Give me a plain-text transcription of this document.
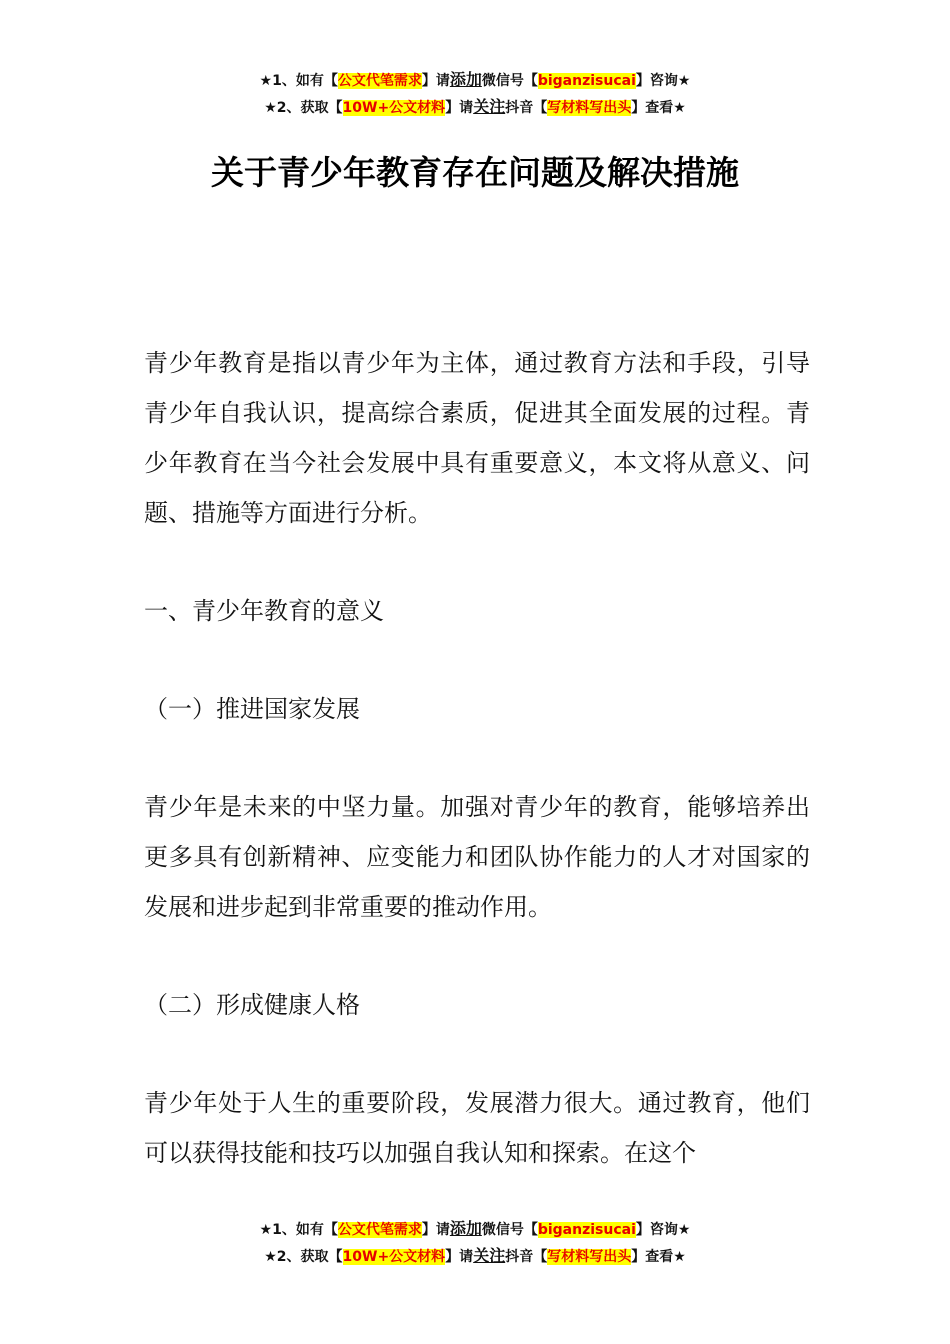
★1、如有【公文代笔需求】请添加微信号【biganzisucai】咨询★
★2、获取【10W+公文材料】请关注抖音【写材料写出头】查看★
关于青少年教育存在问题及解决措施

青少年教育是指以青少年为主体，通过教育方法和手段，引导青少年自我认识，提高综合素质，促进其全面发展的过程。青少年教育在当今社会发展中具有重要意义，本文将从意义、问题、措施等方面进行分析。

一、青少年教育的意义

（一）推进国家发展

青少年是未来的中坚力量。加强对青少年的教育，能够培养出更多具有创新精神、应变能力和团队协作能力的人才对国家的发展和进步起到非常重要的推动作用。

（二）形成健康人格

青少年处于人生的重要阶段，发展潜力很大。通过教育，他们可以获得技能和技巧以加强自我认知和探索。在这个

★1、如有【公文代笔需求】请添加微信号【biganzisucai】咨询★
★2、获取【10W+公文材料】请关注抖音【写材料写出头】查看★
